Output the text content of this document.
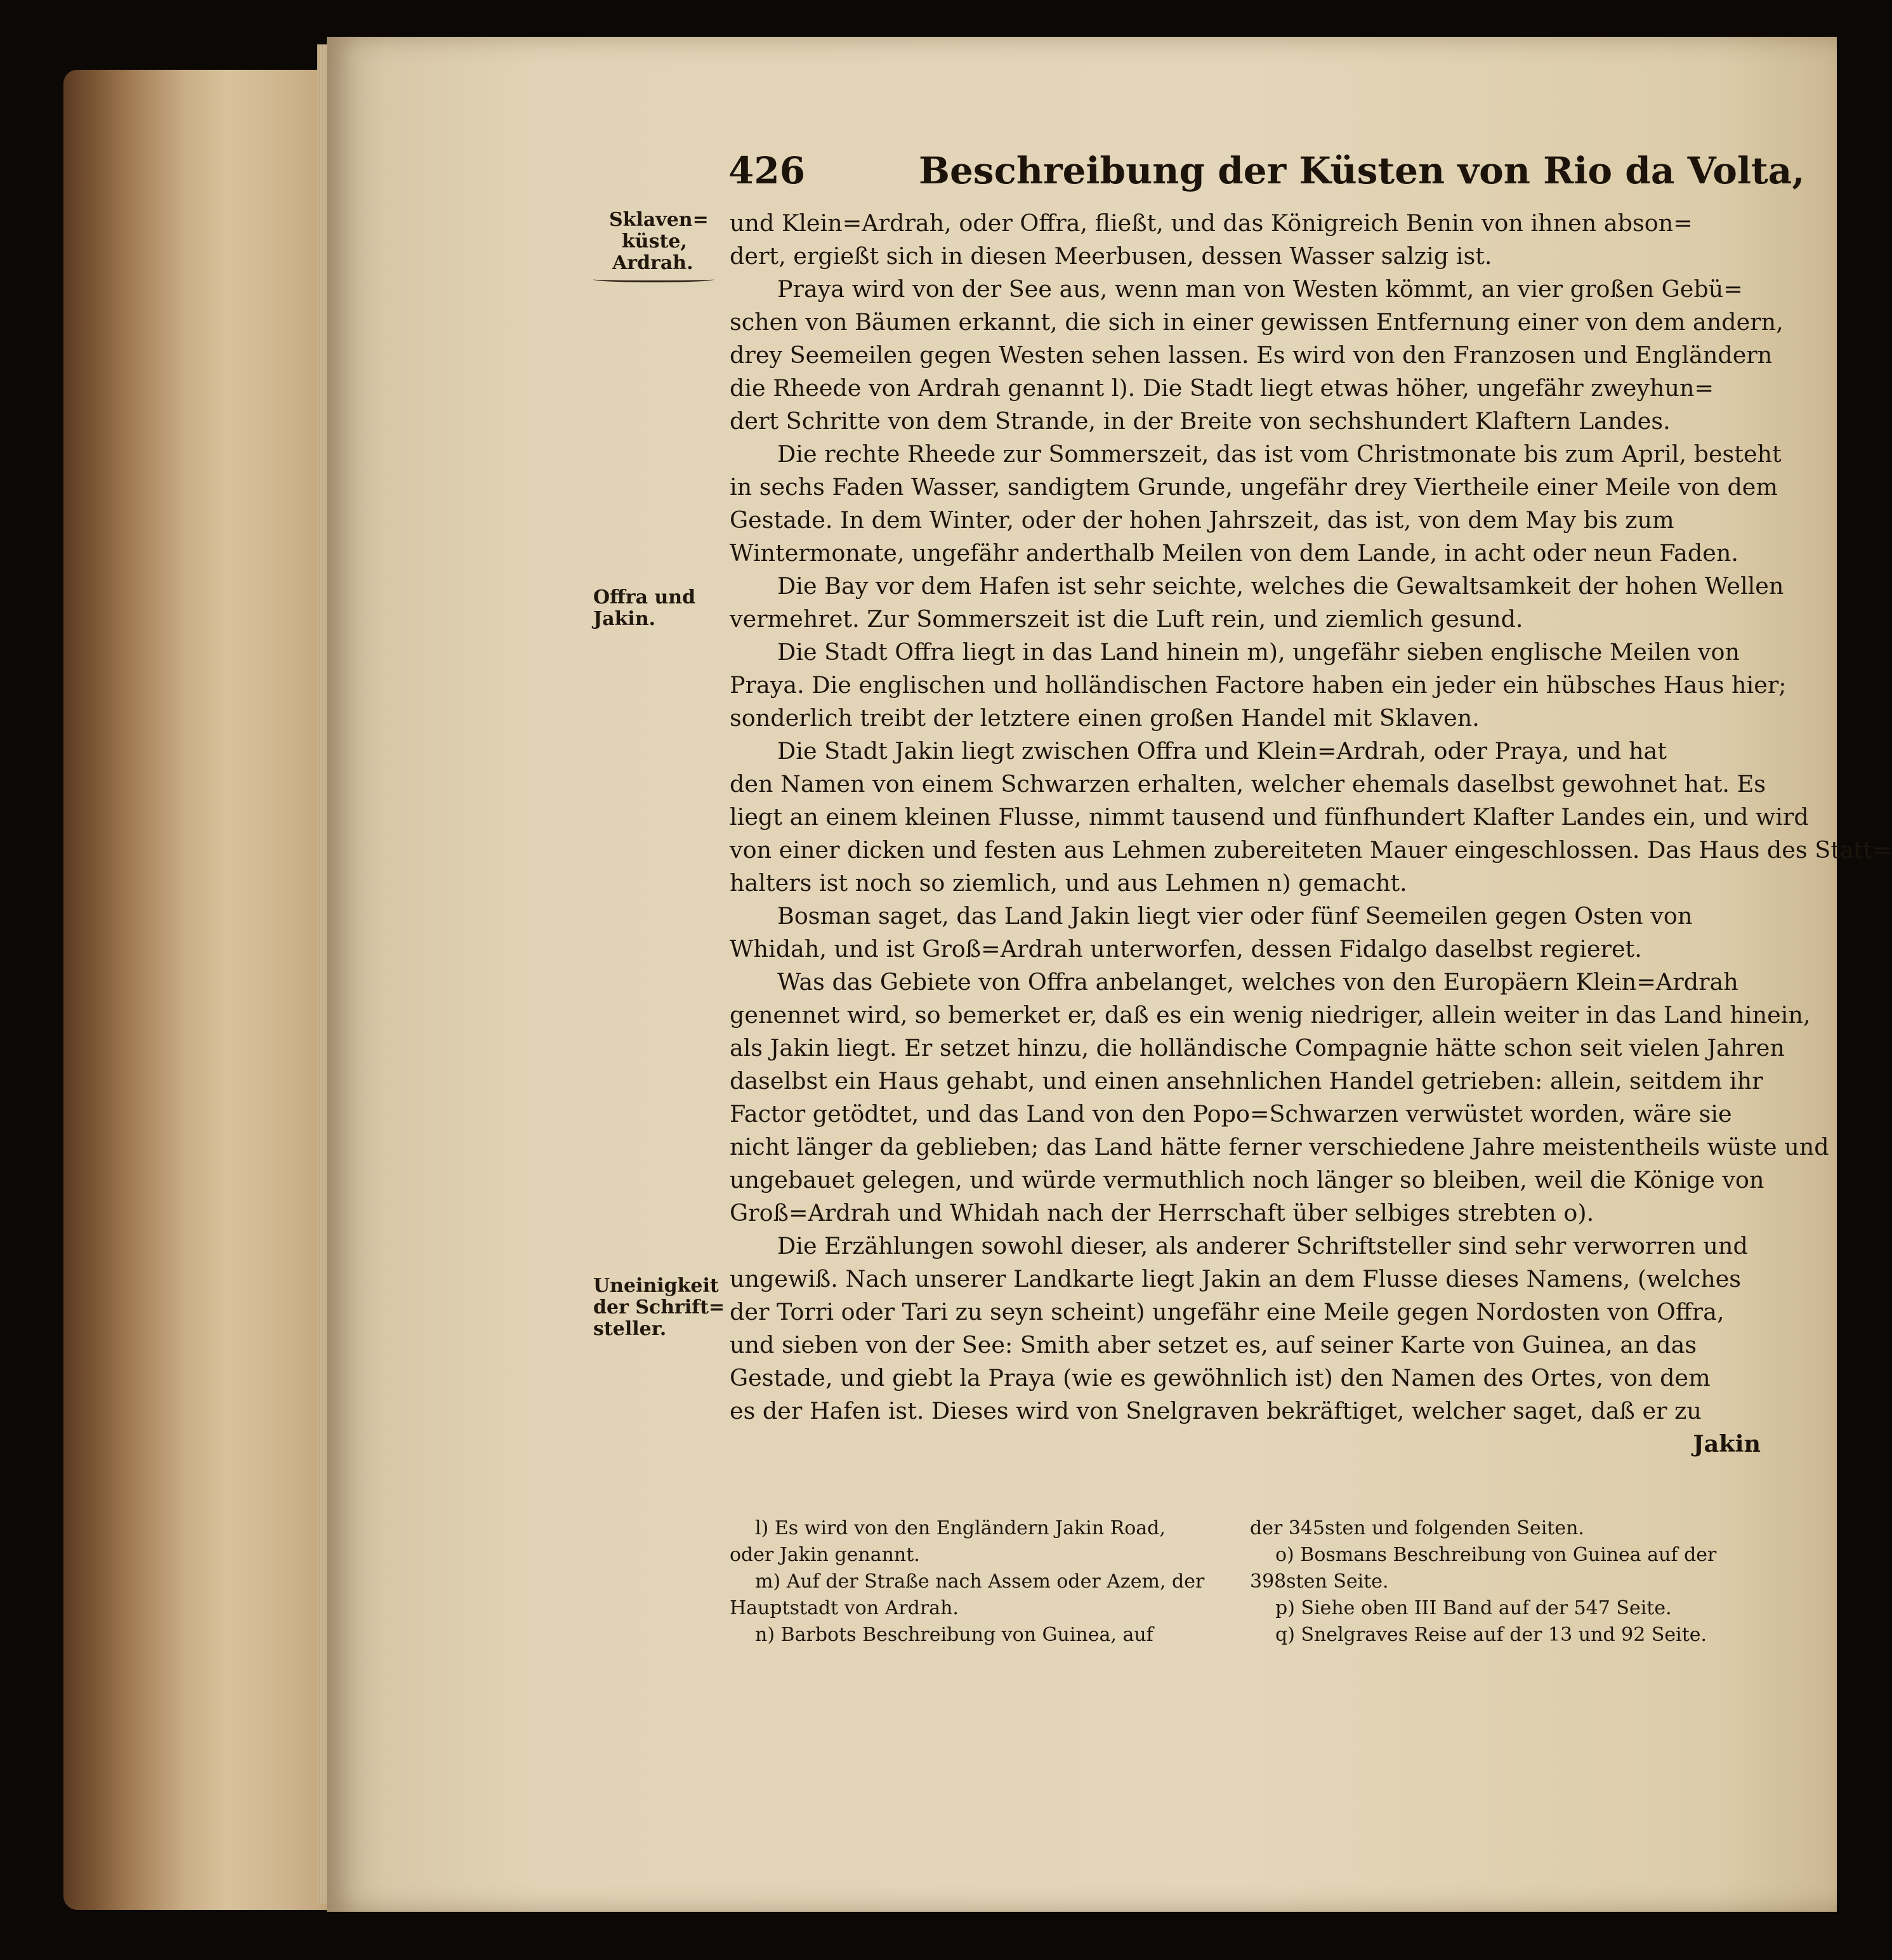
426	Beschreibung der Küsten von Rio da Volta,
Sklaven=
küste,
Ardrah.
Offra und
Jakin.
Uneinigkeit
der Schrift=
steller.
und Klein=Ardrah, oder Offra, fließt, und das Königreich Benin von ihnen abson=
dert, ergießt sich in diesen Meerbusen, dessen Wasser salzig ist.
Praya wird von der See aus, wenn man von Westen kömmt, an vier großen Gebü=
schen von Bäumen erkannt, die sich in einer gewissen Entfernung einer von dem andern,
drey Seemeilen gegen Westen sehen lassen. Es wird von den Franzosen und Engländern
die Rheede von Ardrah genannt l). Die Stadt liegt etwas höher, ungefähr zweyhun=
dert Schritte von dem Strande, in der Breite von sechshundert Klaftern Landes.
Die rechte Rheede zur Sommerszeit, das ist vom Christmonate bis zum April, besteht
in sechs Faden Wasser, sandigtem Grunde, ungefähr drey Viertheile einer Meile von dem
Gestade. In dem Winter, oder der hohen Jahrszeit, das ist, von dem May bis zum
Wintermonate, ungefähr anderthalb Meilen von dem Lande, in acht oder neun Faden.
Die Bay vor dem Hafen ist sehr seichte, welches die Gewaltsamkeit der hohen Wellen
vermehret. Zur Sommerszeit ist die Luft rein, und ziemlich gesund.
Die Stadt Offra liegt in das Land hinein m), ungefähr sieben englische Meilen von
Praya. Die englischen und holländischen Factore haben ein jeder ein hübsches Haus hier;
sonderlich treibt der letztere einen großen Handel mit Sklaven.
Die Stadt Jakin liegt zwischen Offra und Klein=Ardrah, oder Praya, und hat
den Namen von einem Schwarzen erhalten, welcher ehemals daselbst gewohnet hat. Es
liegt an einem kleinen Flusse, nimmt tausend und fünfhundert Klafter Landes ein, und wird
von einer dicken und festen aus Lehmen zubereiteten Mauer eingeschlossen. Das Haus des Statt=
halters ist noch so ziemlich, und aus Lehmen n) gemacht.
Bosman saget, das Land Jakin liegt vier oder fünf Seemeilen gegen Osten von
Whidah, und ist Groß=Ardrah unterworfen, dessen Fidalgo daselbst regieret.
Was das Gebiete von Offra anbelanget, welches von den Europäern Klein=Ardrah
genennet wird, so bemerket er, daß es ein wenig niedriger, allein weiter in das Land hinein,
als Jakin liegt. Er setzet hinzu, die holländische Compagnie hätte schon seit vielen Jahren
daselbst ein Haus gehabt, und einen ansehnlichen Handel getrieben: allein, seitdem ihr
Factor getödtet, und das Land von den Popo=Schwarzen verwüstet worden, wäre sie
nicht länger da geblieben; das Land hätte ferner verschiedene Jahre meistentheils wüste und
ungebauet gelegen, und würde vermuthlich noch länger so bleiben, weil die Könige von
Groß=Ardrah und Whidah nach der Herrschaft über selbiges strebten o).
Die Erzählungen sowohl dieser, als anderer Schriftsteller sind sehr verworren und
ungewiß. Nach unserer Landkarte liegt Jakin an dem Flusse dieses Namens, (welches
der Torri oder Tari zu seyn scheint) ungefähr eine Meile gegen Nordosten von Offra,
und sieben von der See: Smith aber setzet es, auf seiner Karte von Guinea, an das
Gestade, und giebt la Praya (wie es gewöhnlich ist) den Namen des Ortes, von dem
es der Hafen ist. Dieses wird von Snelgraven bekräftiget, welcher saget, daß er zu
Jakin
l) Es wird von den Engländern Jakin Road,
oder Jakin genannt.
m) Auf der Straße nach Assem oder Azem, der
Hauptstadt von Ardrah.
n) Barbots Beschreibung von Guinea, auf
der 345sten und folgenden Seiten.
o) Bosmans Beschreibung von Guinea auf der
398sten Seite.
p) Siehe oben III Band auf der 547 Seite.
q) Snelgraves Reise auf der 13 und 92 Seite.
